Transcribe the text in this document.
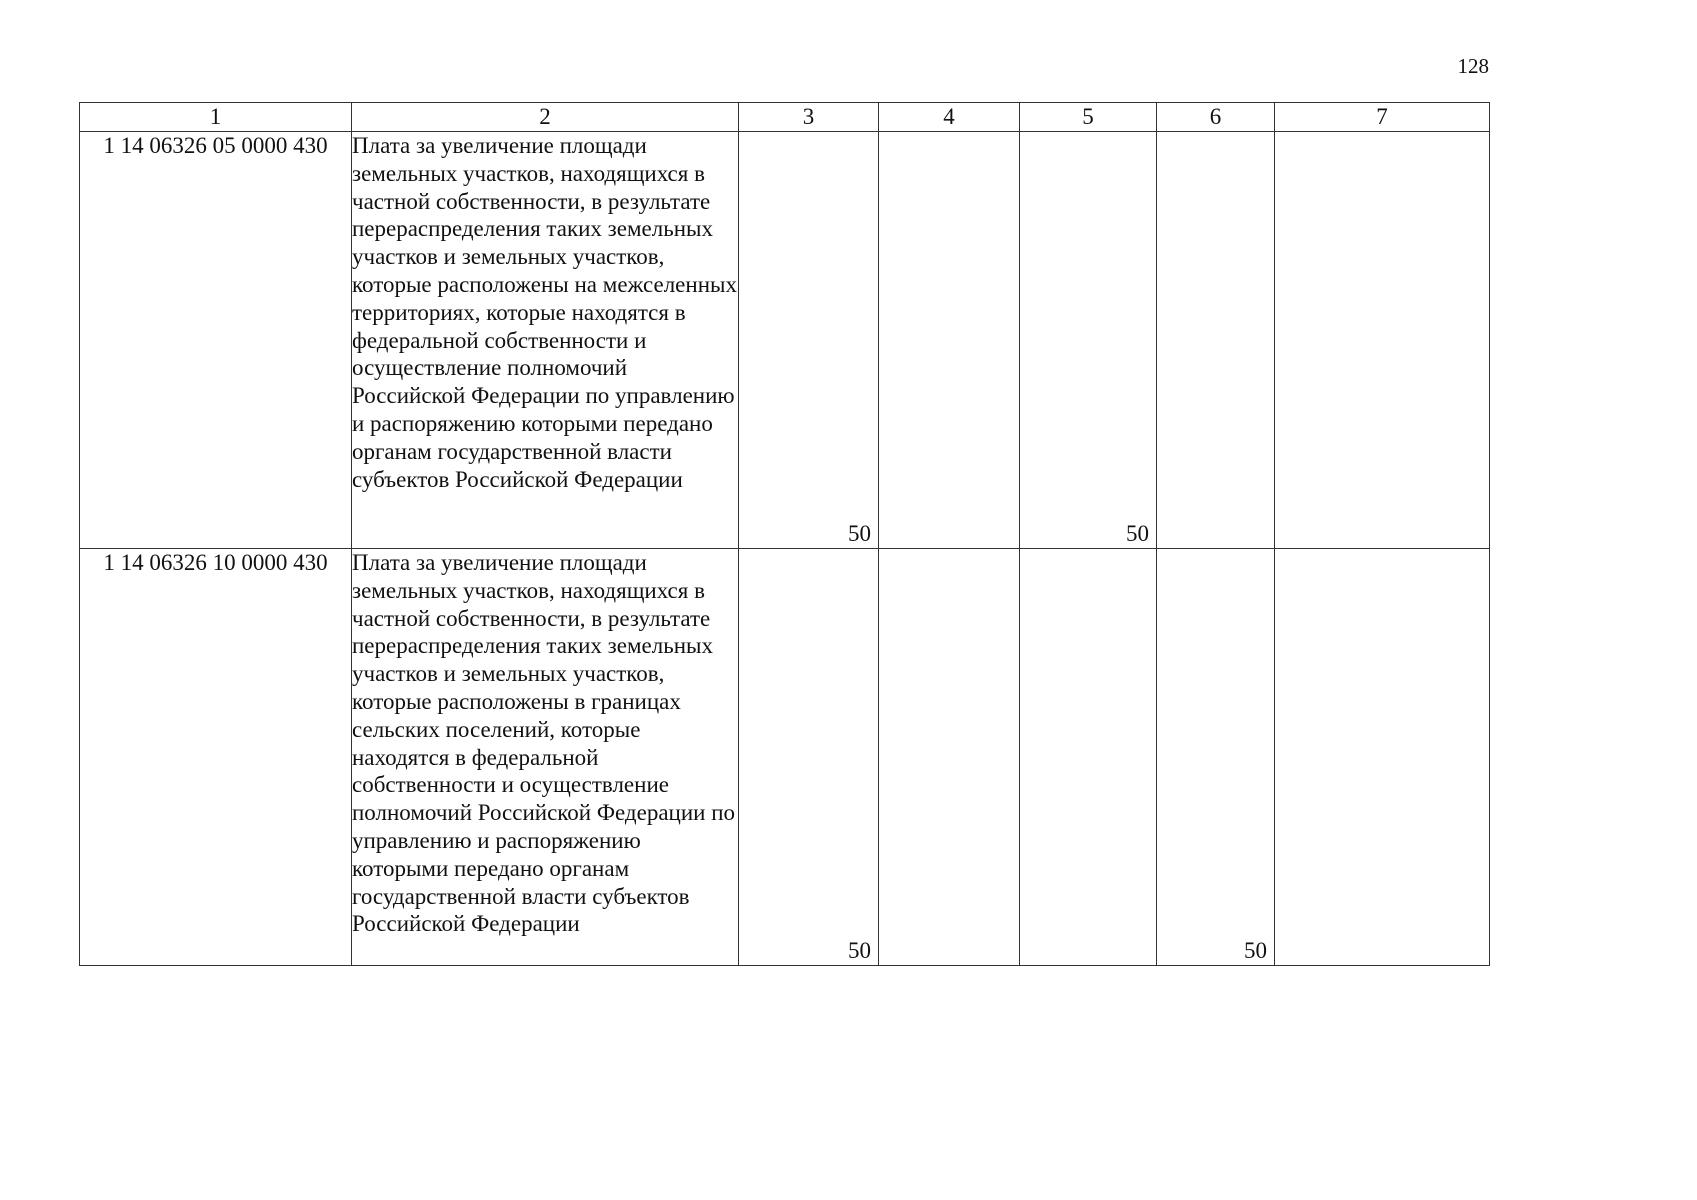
128
1	2	3	4	5	6	7
1 14 06326 05 0000 430	Плата за увеличение площади земельных участков, находящихся в частной собственности, в результате перераспределения таких земельных участков и земельных участков, которые расположены на межселенных территориях, которые находятся в федеральной собственности и осуществление полномочий Российской Федерации по управлению и распоряжению которыми передано органам государственной власти субъектов Российской Федерации	50		50		

1 14 06326 10 0000 430	Плата за увеличение площади земельных участков, находящихся в частной собственности, в результате перераспределения таких земельных участков и земельных участков, которые расположены в границах сельских поселений, которые находятся в федеральной собственности и осуществление полномочий Российской Федерации по управлению и распоряжению которыми передано органам государственной власти субъектов Российской Федерации	50			50	
